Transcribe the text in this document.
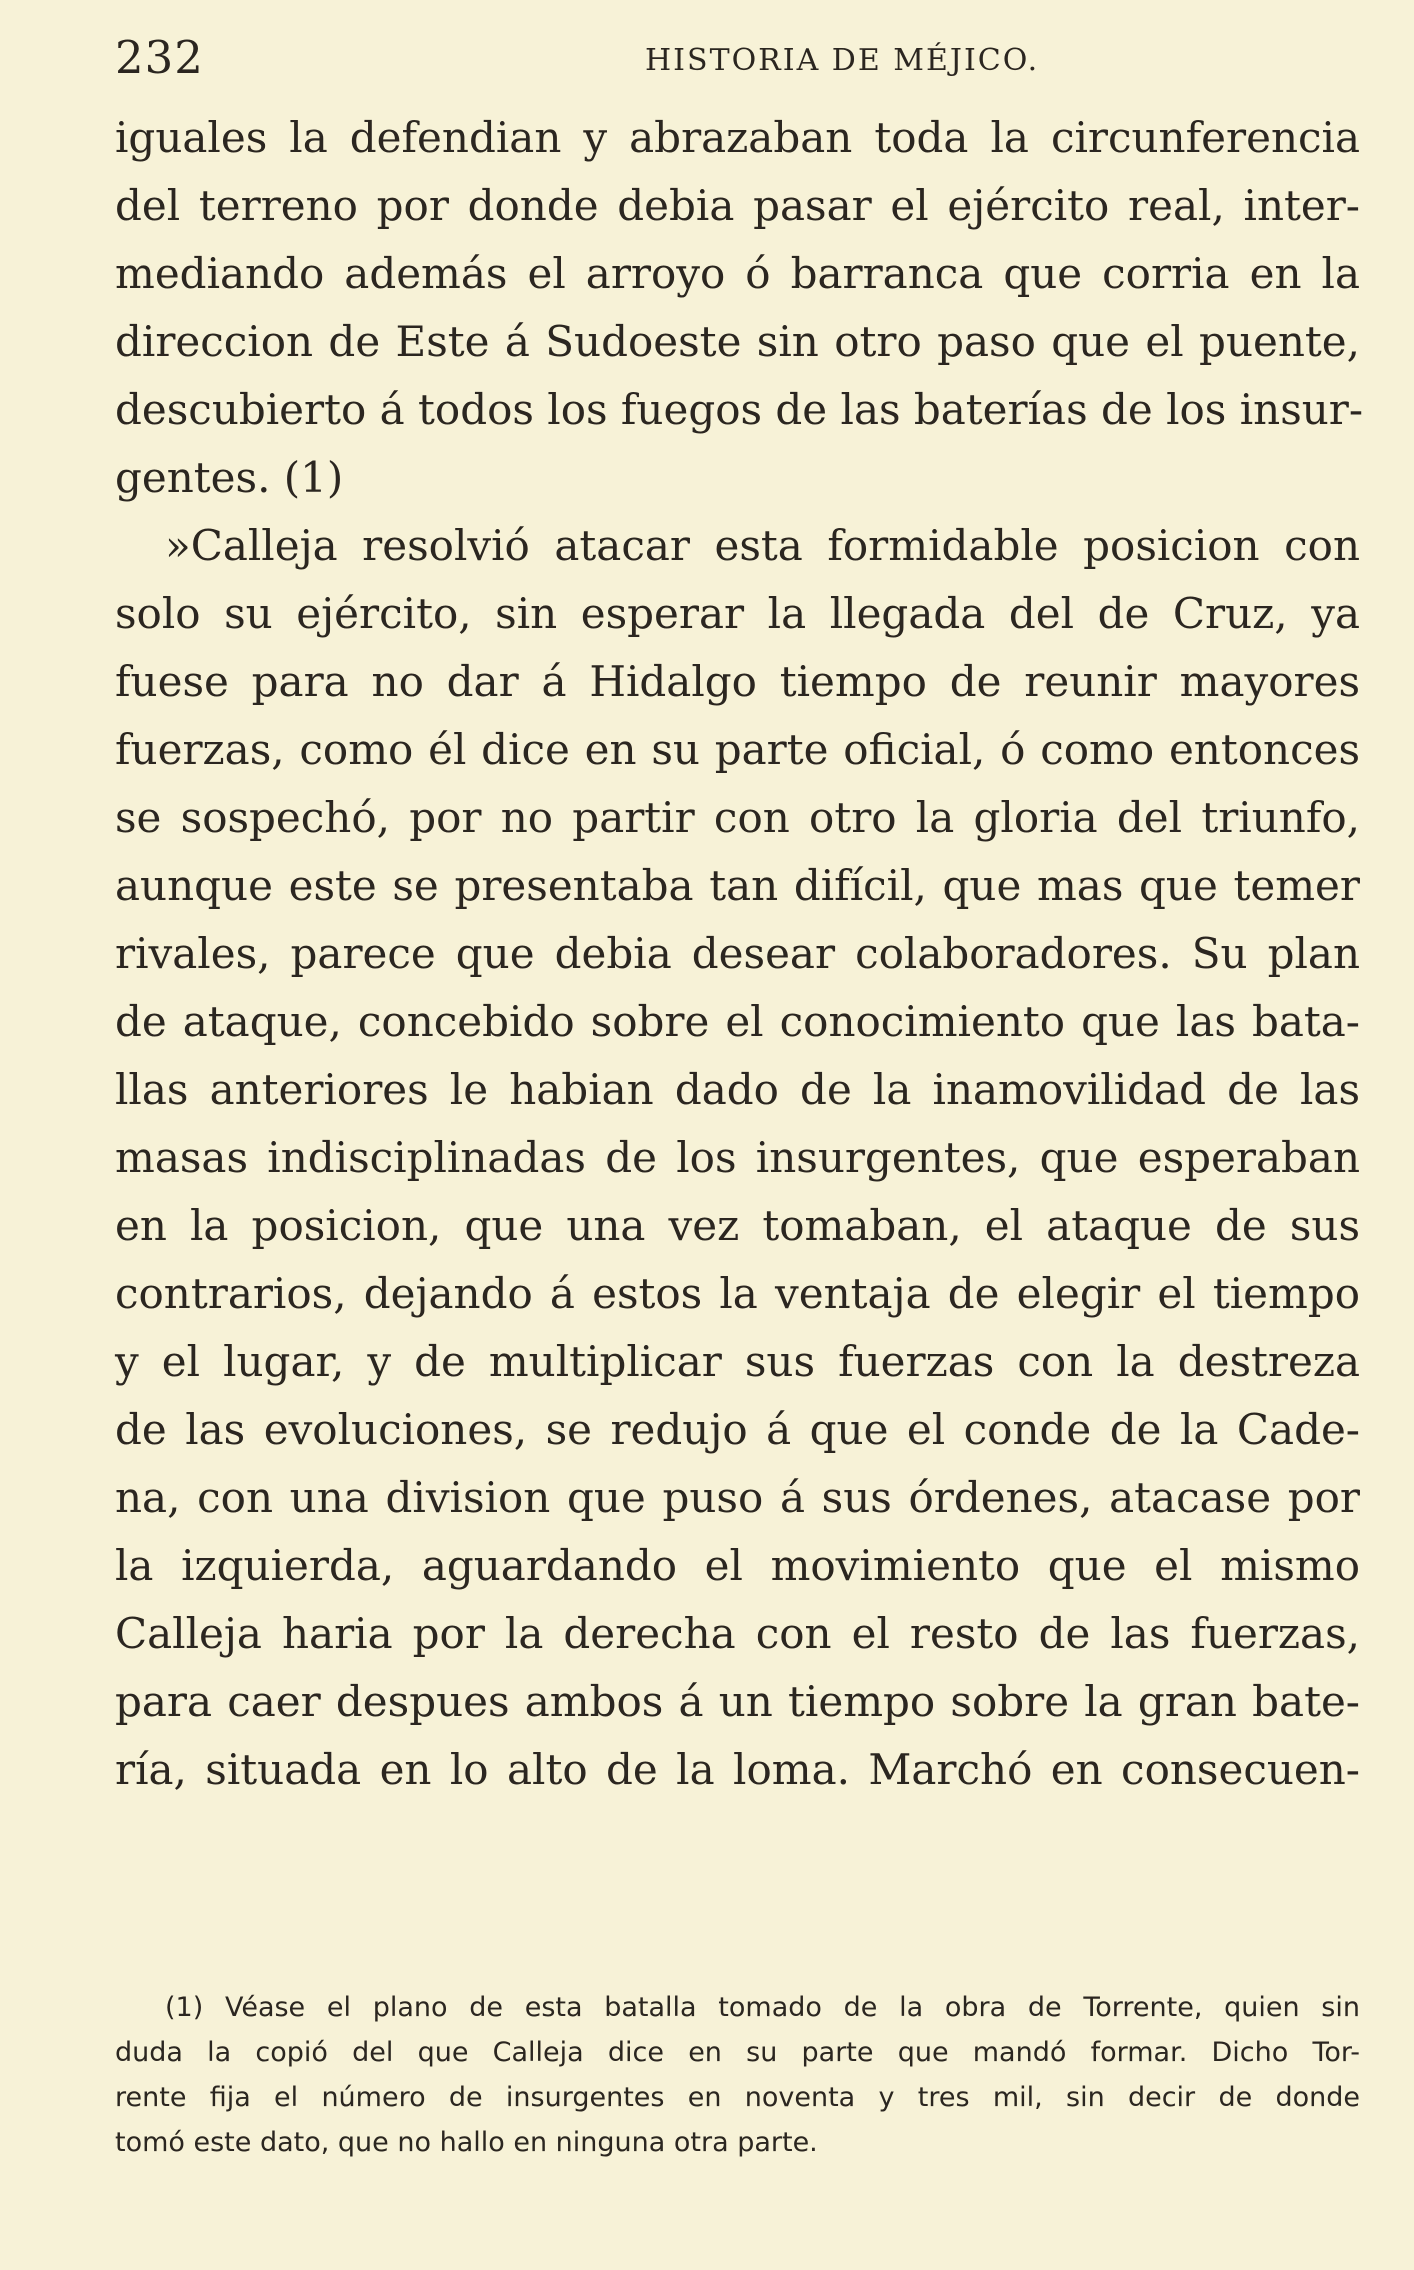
232	HISTORIA DE MÉJICO.
iguales la defendian y abrazaban toda la circunferencia
del terreno por donde debia pasar el ejército real, inter-
mediando además el arroyo ó barranca que corria en la
direccion de Este á Sudoeste sin otro paso que el puente,
descubierto á todos los fuegos de las baterías de los insur-
gentes. (1)
»Calleja resolvió atacar esta formidable posicion con
solo su ejército, sin esperar la llegada del de Cruz, ya
fuese para no dar á Hidalgo tiempo de reunir mayores
fuerzas, como él dice en su parte oficial, ó como entonces
se sospechó, por no partir con otro la gloria del triunfo,
aunque este se presentaba tan difícil, que mas que temer
rivales, parece que debia desear colaboradores. Su plan
de ataque, concebido sobre el conocimiento que las bata-
llas anteriores le habian dado de la inamovilidad de las
masas indisciplinadas de los insurgentes, que esperaban
en la posicion, que una vez tomaban, el ataque de sus
contrarios, dejando á estos la ventaja de elegir el tiempo
y el lugar, y de multiplicar sus fuerzas con la destreza
de las evoluciones, se redujo á que el conde de la Cade-
na, con una division que puso á sus órdenes, atacase por
la izquierda, aguardando el movimiento que el mismo
Calleja haria por la derecha con el resto de las fuerzas,
para caer despues ambos á un tiempo sobre la gran bate-
ría, situada en lo alto de la loma. Marchó en consecuen-
(1) Véase el plano de esta batalla tomado de la obra de Torrente, quien sin
duda la copió del que Calleja dice en su parte que mandó formar. Dicho Tor-
rente fija el número de insurgentes en noventa y tres mil, sin decir de donde
tomó este dato, que no hallo en ninguna otra parte.
